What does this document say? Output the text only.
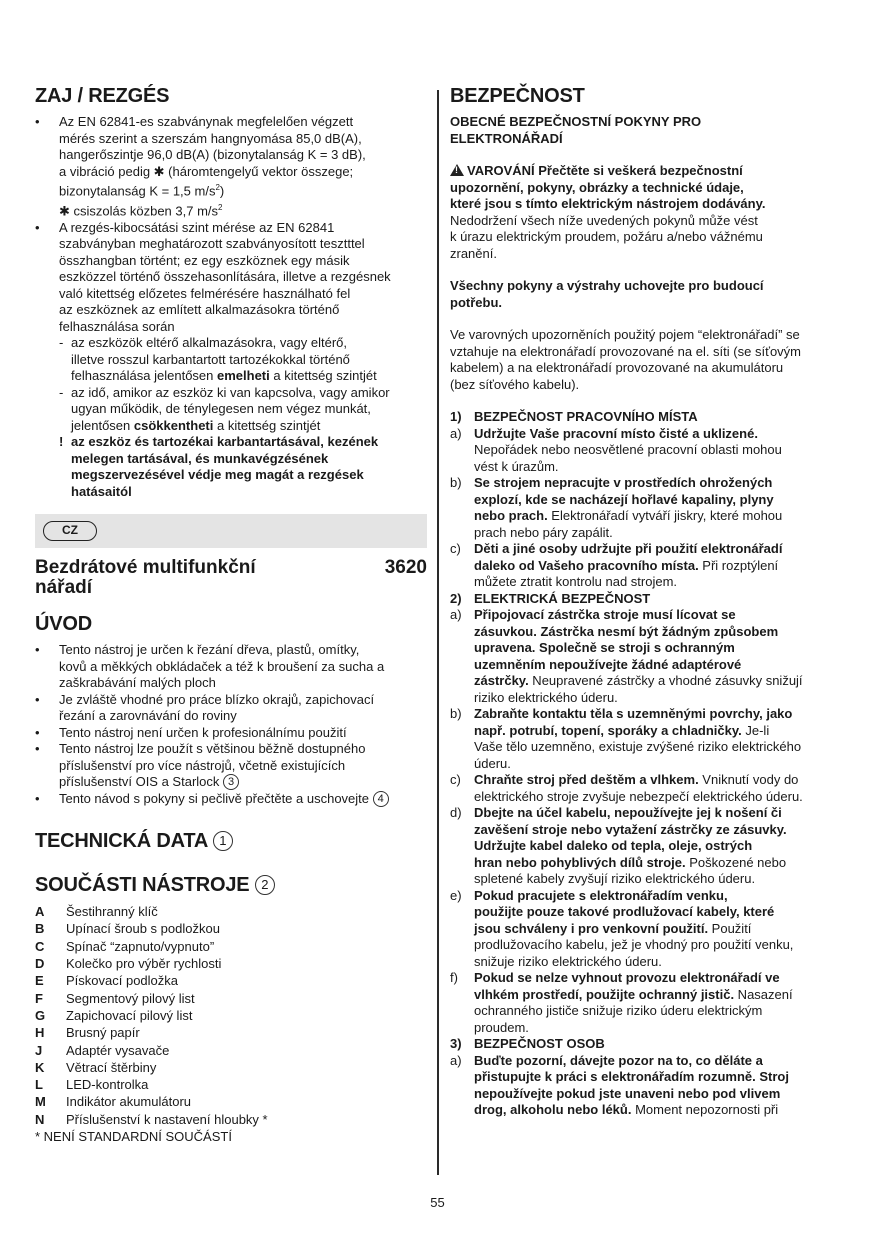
ZAJ / REZGÉS
• Az EN 62841-es szabványnak megfelelően végzett
mérés szerint a szerszám hangnyomása 85,0 dB(A),
hangerőszintje 96,0 dB(A) (bizonytalanság K = 3 dB),
a vibráció pedig ✱ (háromtengelyű vektor összege;
bizonytalanság K = 1,5 $m/s^2$)
✱ csiszolás közben 3,7 $m/s^2$
• A rezgés-kibocsátási szint mérése az EN 62841
szabványban meghatározott szabványosított tesztttel
összhangban történt; ez egy eszköznek egy másik
eszközzel történő összehasonlítására, illetve a rezgésnek
való kitettség előzetes felmérésére használható fel
az eszköznek az említett alkalmazásokra történő
felhasználása során
- az eszközök eltérő alkalmazásokra, vagy eltérő,
illetve rosszul karbantartott tartozékokkal történő
felhasználása jelentősen emelheti a kitettség szintjét
- az idő, amikor az eszköz ki van kapcsolva, vagy amikor
ugyan működik, de ténylegesen nem végez munkát,
jelentősen csökkentheti a kitettség szintjét
! az eszköz és tartozékai karbantartásával, kezének
melegen tartásával, és munkavégzésének
megszervezésével védje meg magát a rezgések
hatásaitól
CZ
Bezdrátové multifunkční
nářadí
3620
ÚVOD
• Tento nástroj je určen k řezání dřeva, plastů, omítky,
kovů a měkkých obkládaček a též k broušení za sucha a
zaškrabávání malých ploch
• Je zvláště vhodné pro práce blízko okrajů, zapichovací
řezání a zarovnávání do roviny
• Tento nástroj není určen k profesionálnímu použití
• Tento nástroj lze použít s většinou běžně dostupného
příslušenství pro více nástrojů, včetně existujících
příslušenství OIS a Starlock 3
• Tento návod s pokyny si pečlivě přečtěte a uschovejte 4
TECHNICKÁ DATA 1
SOUČÁSTI NÁSTROJE 2
A Šestihranný klíč
B Upínací šroub s podložkou
C Spínač “zapnuto/vypnuto”
D Kolečko pro výběr rychlosti
E Pískovací podložka
F Segmentový pilový list
G Zapichovací pilový list
H Brusný papír
J Adaptér vysavače
K Větrací štěrbiny
L LED-kontrolka
M Indikátor akumulátoru
N Příslušenství k nastavení hloubky *
* NENÍ STANDARDNÍ SOUČÁSTÍ
BEZPEČNOST
OBECNÉ BEZPEČNOSTNÍ POKYNY PRO
ELEKTRONÁŘADÍ
!VAROVÁNÍ Přečtěte si veškerá bezpečnostní
upozornění, pokyny, obrázky a technické údaje,
které jsou s tímto elektrickým nástrojem dodávány.
Nedodržení všech níže uvedených pokynů může vést
k úrazu elektrickým proudem, požáru a/nebo vážnému
zranění.
Všechny pokyny a výstrahy uchovejte pro budoucí
potřebu.
Ve varovných upozorněních použitý pojem “elektronářadí” se
vztahuje na elektronářadí provozované na el. síti (se síťovým
kabelem) a na elektronářadí provozované na akumulátoru
(bez síťového kabelu).
1) BEZPEČNOST PRACOVNÍHO MÍSTA
a) Udržujte Vaše pracovní místo čisté a uklizené.
Nepořádek nebo neosvětlené pracovní oblasti mohou
vést k úrazům.
b) Se strojem nepracujte v prostředích ohrožených
explozí, kde se nacházejí hořlavé kapaliny, plyny
nebo prach. Elektronářadí vytváří jiskry, které mohou
prach nebo páry zapálit.
c) Děti a jiné osoby udržujte při použití elektronářadí
daleko od Vašeho pracovního místa. Při rozptýlení
můžete ztratit kontrolu nad strojem.
2) ELEKTRICKÁ BEZPEČNOST
a) Připojovací zástrčka stroje musí lícovat se
zásuvkou. Zástrčka nesmí být žádným způsobem
upravena. Společně se stroji s ochranným
uzemněním nepoužívejte žádné adaptérové
zástrčky. Neupravené zástrčky a vhodné zásuvky snižují
riziko elektrického úderu.
b) Zabraňte kontaktu těla s uzemněnými povrchy, jako
např. potrubí, topení, sporáky a chladničky. Je-li
Vaše tělo uzemněno, existuje zvýšené riziko elektrického
úderu.
c) Chraňte stroj před deštěm a vlhkem. Vniknutí vody do
elektrického stroje zvyšuje nebezpečí elektrického úderu.
d) Dbejte na účel kabelu, nepoužívejte jej k nošení či
zavěšení stroje nebo vytažení zástrčky ze zásuvky.
Udržujte kabel daleko od tepla, oleje, ostrých
hran nebo pohyblivých dílů stroje. Poškozené nebo
spletené kabely zvyšují riziko elektrického úderu.
e) Pokud pracujete s elektronářadím venku,
použijte pouze takové prodlužovací kabely, které
jsou schváleny i pro venkovní použití. Použití
prodlužovacího kabelu, jež je vhodný pro použití venku,
snižuje riziko elektrického úderu.
f) Pokud se nelze vyhnout provozu elektronářadí ve
vlhkém prostředí, použijte ochranný jistič. Nasazení
ochranného jističe snižuje riziko úderu elektrickým
proudem.
3) BEZPEČNOST OSOB
a) Buďte pozorní, dávejte pozor na to, co děláte a
přistupujte k práci s elektronářadím rozumně. Stroj
nepoužívejte pokud jste unaveni nebo pod vlivem
drog, alkoholu nebo léků. Moment nepozornosti při
55
